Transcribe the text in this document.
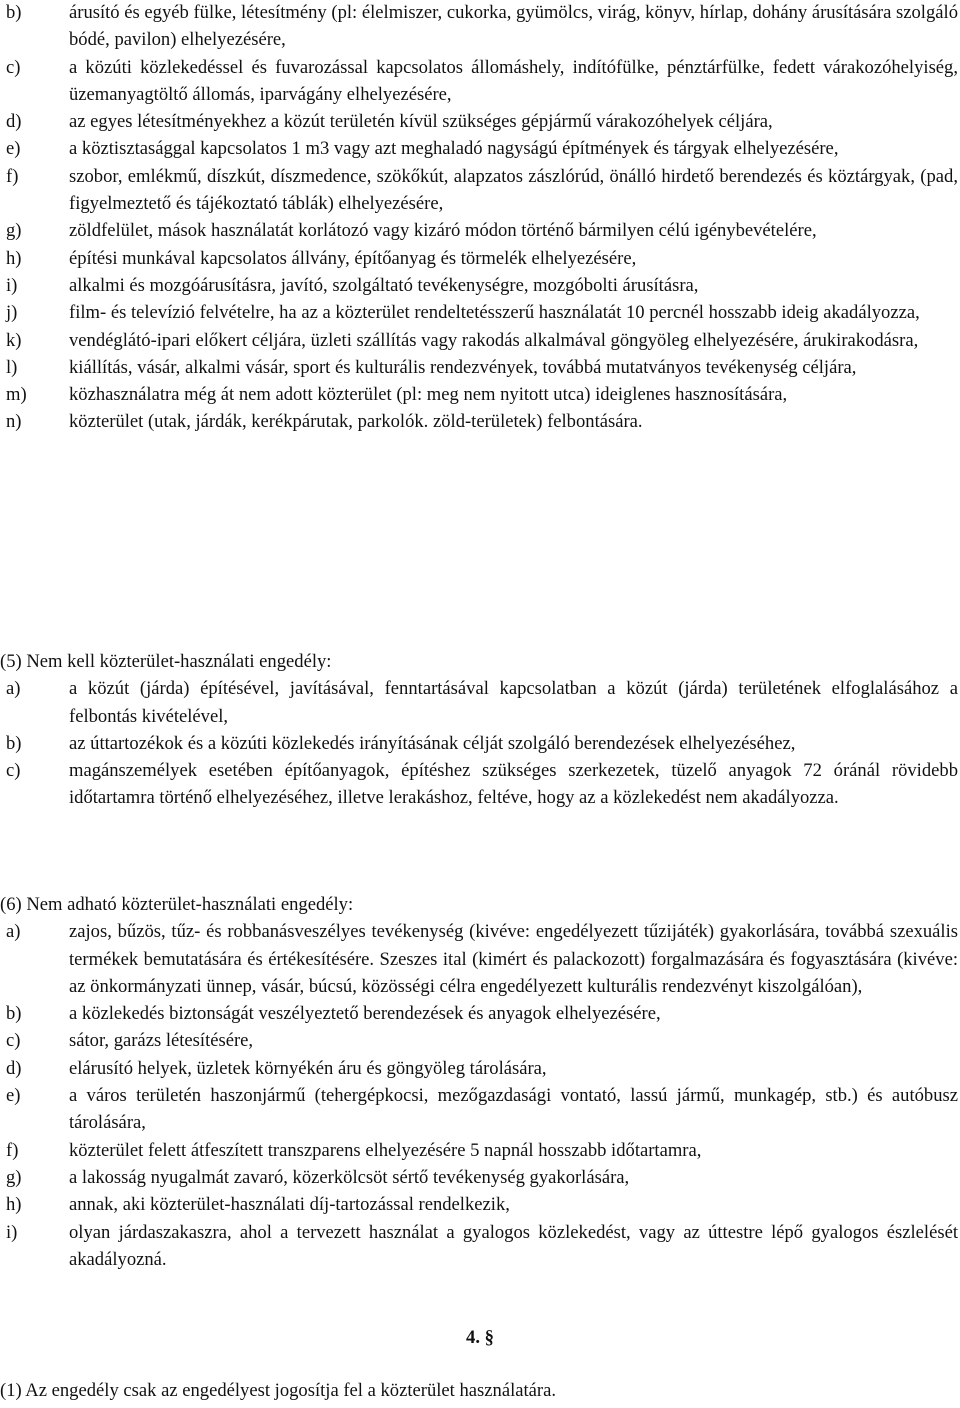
b)	árusító és egyéb fülke, létesítmény (pl: élelmiszer, cukorka, gyümölcs, virág, könyv, hírlap, dohány árusítására szolgáló bódé, pavilon) elhelyezésére,
c)	a közúti közlekedéssel és fuvarozással kapcsolatos állomáshely, indítófülke, pénztárfülke, fedett várakozóhelyiség, üzemanyagtöltő állomás, iparvágány elhelyezésére,
d)	az egyes létesítményekhez a közút területén kívül szükséges gépjármű várakozóhelyek céljára,
e)	a köztisztasággal kapcsolatos 1 m3 vagy azt meghaladó nagyságú építmények és tárgyak elhelyezésére,
f)	szobor, emlékmű, díszkút, díszmedence, szökőkút, alapzatos zászlórúd, önálló hirdető berendezés és köztárgyak, (pad, figyelmeztető és tájékoztató táblák) elhelyezésére,
g)	zöldfelület, mások használatát korlátozó vagy kizáró módon történő bármilyen célú igénybevételére,
h)	építési munkával kapcsolatos állvány, építőanyag és törmelék elhelyezésére,
i)	alkalmi és mozgóárusításra, javító, szolgáltató tevékenységre, mozgóbolti árusításra,
j)	film- és televízió felvételre, ha az a közterület rendeltetésszerű használatát 10 percnél hosszabb ideig akadályozza,
k)	vendéglátó-ipari előkert céljára, üzleti szállítás vagy rakodás alkalmával göngyöleg elhelyezésére, árukirakodásra,
l)	kiállítás, vásár, alkalmi vásár, sport és kulturális rendezvények, továbbá mutatványos tevékenység céljára,
m) közhasználatra még át nem adott közterület (pl: meg nem nyitott utca) ideiglenes hasznosítására,
n)	közterület (utak, járdák, kerékpárutak, parkolók. zöld-területek) felbontására.
(5) Nem kell közterület-használati engedély:
a)	a közút (járda) építésével, javításával, fenntartásával kapcsolatban a közút (járda) területének elfoglalásához a felbontás kivételével,
b)	az úttartozékok és a közúti közlekedés irányításának célját szolgáló berendezések elhelyezéséhez,
c)	magánszemélyek esetében építőanyagok, építéshez szükséges szerkezetek, tüzelő anyagok 72 óránál rövidebb időtartamra történő elhelyezéséhez, illetve lerakáshoz, feltéve, hogy az a közlekedést nem akadályozza.
(6) Nem adható közterület-használati engedély:
a)	zajos, bűzös, tűz- és robbanásveszélyes tevékenység (kivéve: engedélyezett tűzijáték) gyakorlására, továbbá szexuális termékek bemutatására és értékesítésére. Szeszes ital (kimért és palackozott) forgalmazására és fogyasztására (kivéve: az önkormányzati ünnep, vásár, búcsú, közösségi célra engedélyezett kulturális rendezvényt kiszolgálóan),
b)	a közlekedés biztonságát veszélyeztető berendezések és anyagok elhelyezésére,
c)	sátor, garázs létesítésére,
d)	elárusító helyek, üzletek környékén áru és göngyöleg tárolására,
e)	a város területén haszonjármű (tehergépkocsi, mezőgazdasági vontató, lassú jármű, munkagép, stb.) és autóbusz tárolására,
f)	közterület felett átfeszített transzparens elhelyezésére 5 napnál hosszabb időtartamra,
g)	a lakosság nyugalmát zavaró, közerkölcsöt sértő tevékenység gyakorlására,
h)	annak, aki közterület-használati díj-tartozással rendelkezik,
i)	olyan járdaszakaszra, ahol a tervezett használat a gyalogos közlekedést, vagy az úttestre lépő gyalogos észlelését akadályozná.
4. §
(1) Az engedély csak az engedélyest jogosítja fel a közterület használatára.
